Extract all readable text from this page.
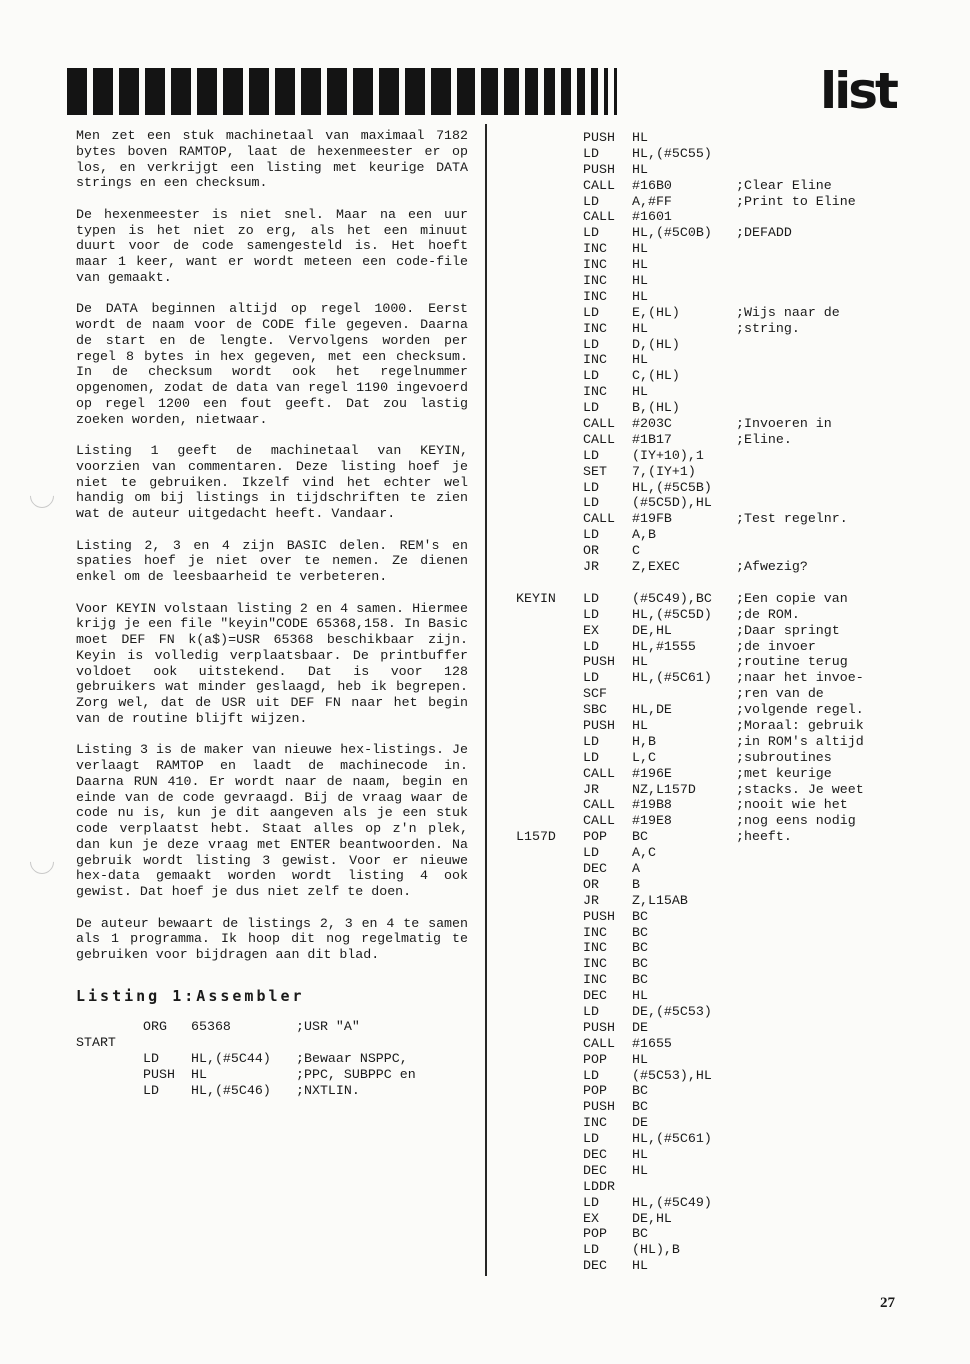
list

Men zet een stuk machinetaal van maximaal 7182 bytes boven RAMTOP, laat de hexenmeester er op los, en verkrijgt een listing met keurige DATA strings en een checksum.

De hexenmeester is niet snel. Maar na een uur typen is het niet zo erg, als het een minuut duurt voor de code samengesteld is. Het hoeft maar 1 keer, want er wordt meteen een code-file van gemaakt.

De DATA beginnen altijd op regel 1000. Eerst wordt de naam voor de CODE file gegeven. Daarna de start en de lengte. Vervolgens worden per regel 8 bytes in hex gegeven, met een checksum. In de checksum wordt ook het regelnummer opgenomen, zodat de data van regel 1190 ingevoerd op regel 1200 een fout geeft. Dat zou lastig zoeken worden, nietwaar.

Listing 1 geeft de machinetaal van KEYIN, voorzien van commentaren. Deze listing hoef je niet te gebruiken. Ikzelf vind het echter wel handig om bij listings in tijdschriften te zien wat de auteur uitgedacht heeft. Vandaar.

Listing 2, 3 en 4 zijn BASIC delen. REM's en spaties hoef je niet over te nemen. Ze dienen enkel om de leesbaarheid te verbeteren.

Voor KEYIN volstaan listing 2 en 4 samen. Hiermee krijg je een file "keyin"CODE 65368,158. In Basic moet DEF FN k(a$)=USR 65368 beschikbaar zijn. Keyin is volledig verplaatsbaar. De printbuffer voldoet ook uitstekend. Dat is voor 128 gebruikers wat minder geslaagd, heb ik begrepen. Zorg wel, dat de USR uit DEF FN naar het begin van de routine blijft wijzen.

Listing 3 is de maker van nieuwe hex-listings. Je verlaagt RAMTOP en laadt de machinecode in. Daarna RUN 410. Er wordt naar de naam, begin en einde van de code gevraagd. Bij de vraag waar de code nu is, kun je dit aangeven als je een stuk code verplaatst hebt. Staat alles op z'n plek, dan kun je deze vraag met ENTER beantwoorden. Na gebruik wordt listing 3 gewist. Voor er nieuwe hex-data gemaakt worden wordt listing 4 ook gewist. Dat hoef je dus niet zelf te doen.

De auteur bewaart de listings 2, 3 en 4 te samen als 1 programma. Ik hoop dit nog regelmatig te gebruiken voor bijdragen aan dit blad.

Listing 1:Assembler
ORG 65368	;USR "A"
START
LD HL,(#5C44) ;Bewaar NSPPC,
PUSH HL	;PPC, SUBPPC en
LD HL,(#5C46) ;NXTLIN.
PUSH HL
LD HL,(#5C55)
PUSH HL
CALL #16B0	;Clear Eline
LD A,#FF	;Print to Eline
CALL #1601
LD HL,(#5C0B) ;DEFADD
INC HL
INC HL
INC HL
INC HL
LD E,(HL)	;Wijs naar de
INC HL	;string.
LD D,(HL)
INC HL
LD C,(HL)
INC HL
LD B,(HL)
CALL #203C	;Invoeren in
CALL #1B17	;Eline.
LD (IY+10),1
SET 7,(IY+1)
LD HL,(#5C5B)
LD (#5C5D),HL
CALL #19FB	;Test regelnr.
LD A,B
OR C
JR Z,EXEC	;Afwezig?
KEYIN LD (#5C49),BC ;Een copie van
LD HL,(#5C5D) ;de ROM.
EX DE,HL	;Daar springt
LD HL,#1555	;de invoer
PUSH HL	;routine terug
LD HL,(#5C61) ;naar het invoe-
SCF	;ren van de
SBC HL,DE	;volgende regel.
PUSH HL	;Moraal: gebruik
LD H,B	;in ROM's altijd
LD L,C	;subroutines
CALL #196E	;met keurige
JR NZ,L157D	;stacks. Je weet
CALL #19B8	;nooit wie het
CALL #19E8	;nog eens nodig
L157D POP BC	;heeft.
LD A,C
DEC A
OR B
JR Z,L15AB
PUSH BC
INC BC
INC BC
INC BC
INC BC
DEC HL
LD DE,(#5C53)
PUSH DE
CALL #1655
POP HL
LD (#5C53),HL
POP BC
PUSH BC
INC DE
LD HL,(#5C61)
DEC HL
DEC HL
LDDR
LD HL,(#5C49)
EX DE,HL
POP BC
LD (HL),B
DEC HL
27
